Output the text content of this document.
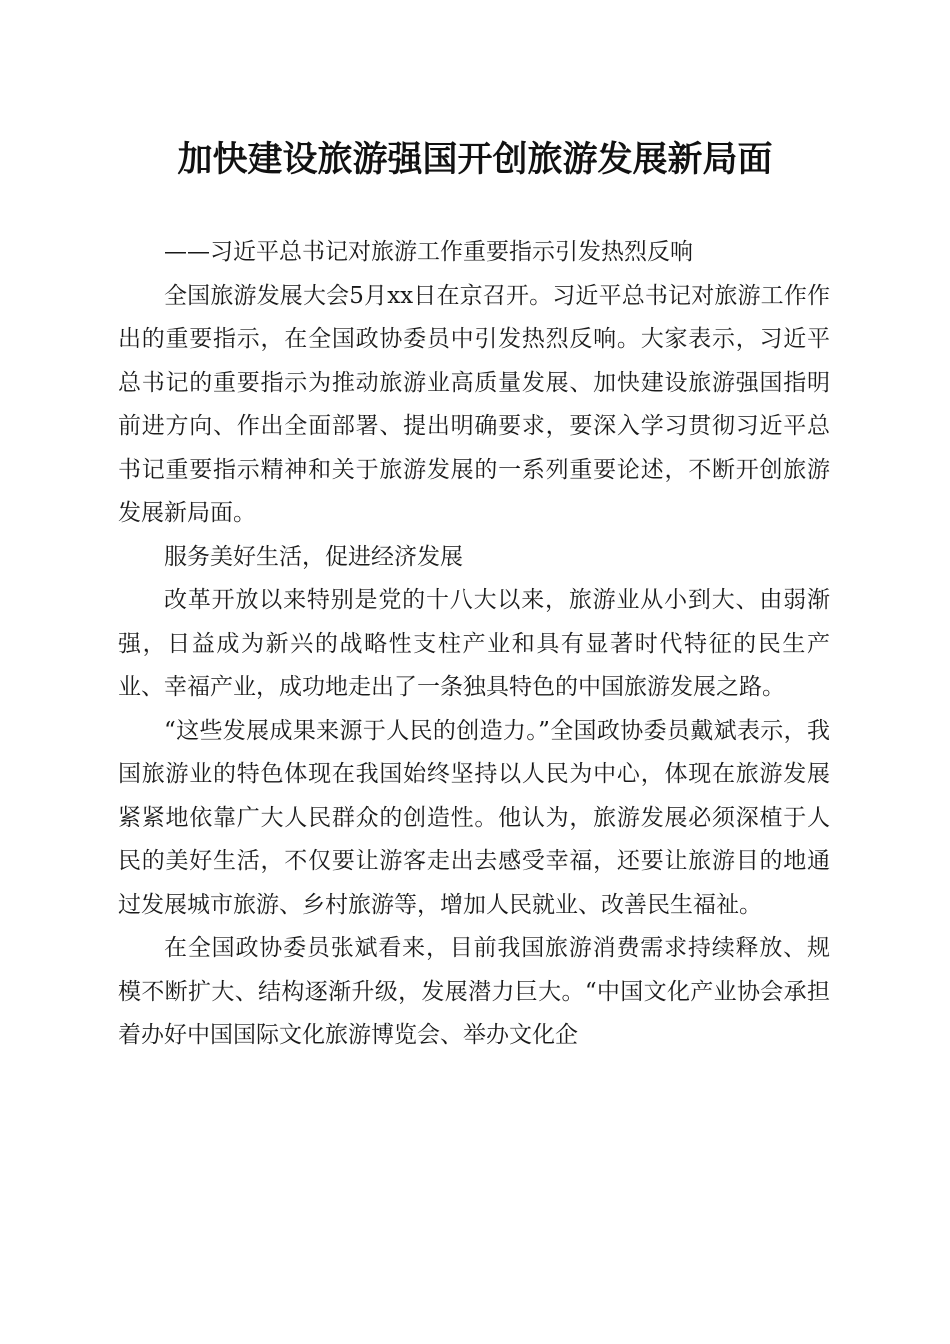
加快建设旅游强国开创旅游发展新局面

——习近平总书记对旅游工作重要指示引发热烈反响

全国旅游发展大会5月xx日在京召开。习近平总书记对旅游工作作出的重要指示，在全国政协委员中引发热烈反响。大家表示，习近平总书记的重要指示为推动旅游业高质量发展、加快建设旅游强国指明前进方向、作出全面部署、提出明确要求，要深入学习贯彻习近平总书记重要指示精神和关于旅游发展的一系列重要论述，不断开创旅游发展新局面。

服务美好生活，促进经济发展

改革开放以来特别是党的十八大以来，旅游业从小到大、由弱渐强，日益成为新兴的战略性支柱产业和具有显著时代特征的民生产业、幸福产业，成功地走出了一条独具特色的中国旅游发展之路。

“这些发展成果来源于人民的创造力。”全国政协委员戴斌表示，我国旅游业的特色体现在我国始终坚持以人民为中心，体现在旅游发展紧紧地依靠广大人民群众的创造性。他认为，旅游发展必须深植于人民的美好生活，不仅要让游客走出去感受幸福，还要让旅游目的地通过发展城市旅游、乡村旅游等，增加人民就业、改善民生福祉。

在全国政协委员张斌看来，目前我国旅游消费需求持续释放、规模不断扩大、结构逐渐升级，发展潜力巨大。“中国文化产业协会承担着办好中国国际文化旅游博览会、举办文化企
